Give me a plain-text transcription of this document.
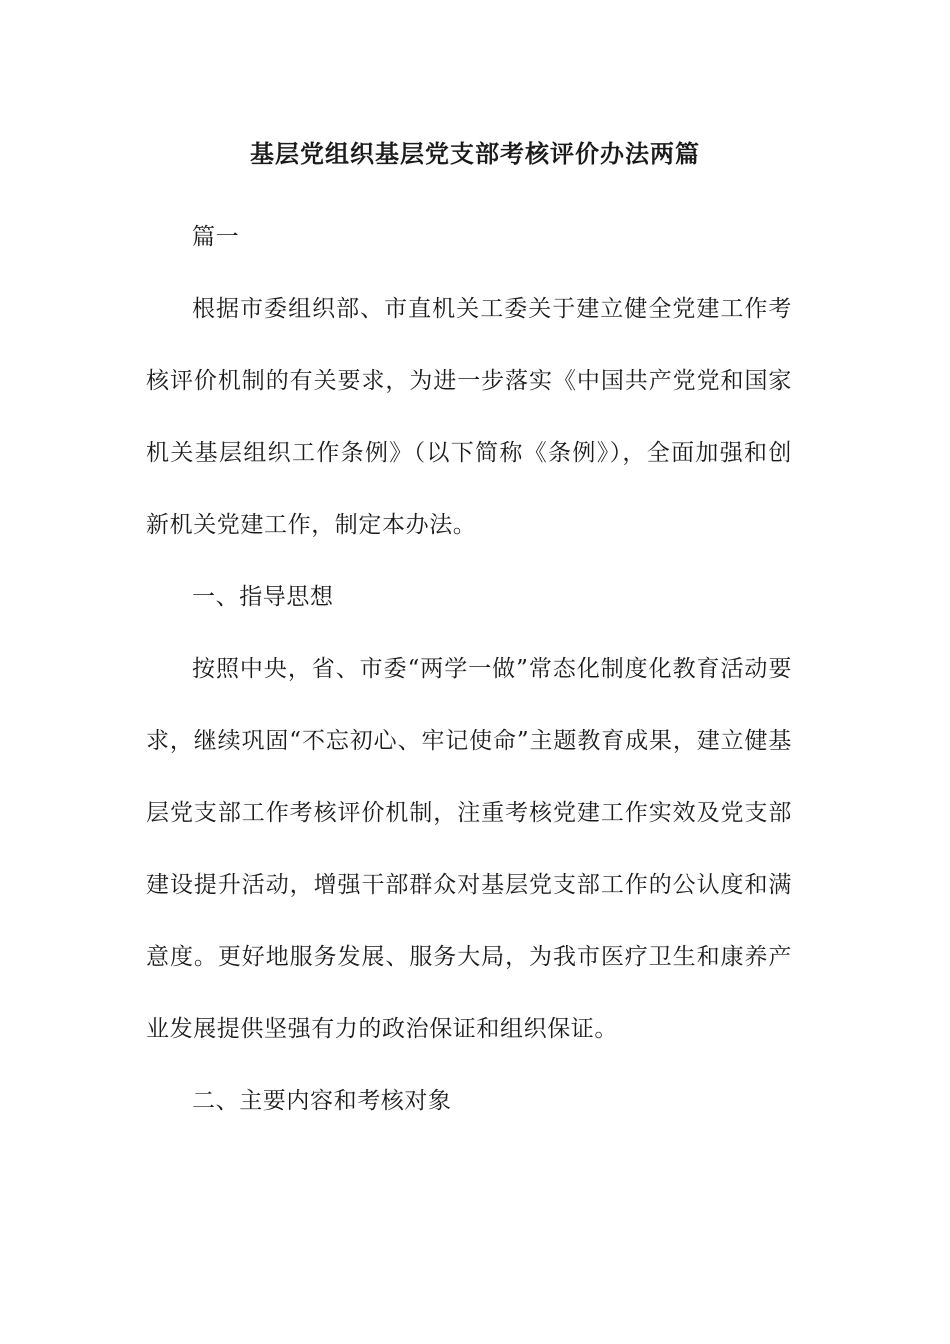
基层党组织基层党支部考核评价办法两篇

篇一

根据市委组织部、市直机关工委关于建立健全党建工作考核评价机制的有关要求，为进一步落实《中国共产党党和国家机关基层组织工作条例》（以下简称《条例》），全面加强和创新机关党建工作，制定本办法。

一、指导思想

按照中央，省、市委“两学一做”常态化制度化教育活动要求，继续巩固“不忘初心、牢记使命”主题教育成果，建立健基层党支部工作考核评价机制，注重考核党建工作实效及党支部建设提升活动，增强干部群众对基层党支部工作的公认度和满意度。更好地服务发展、服务大局，为我市医疗卫生和康养产业发展提供坚强有力的政治保证和组织保证。

二、主要内容和考核对象
